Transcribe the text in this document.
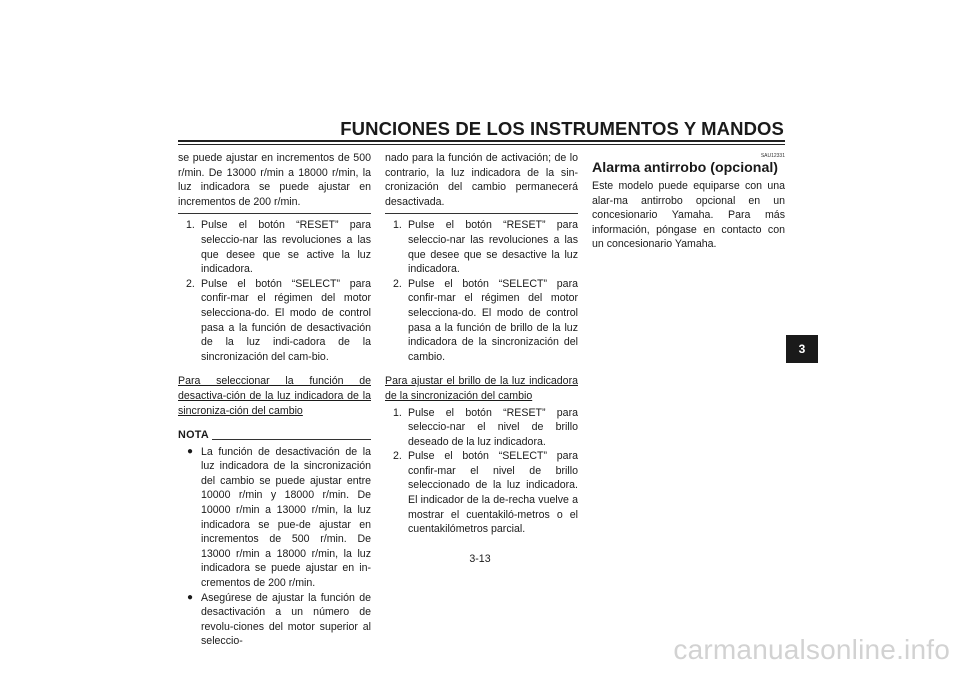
FUNCIONES DE LOS INSTRUMENTOS Y MANDOS

se puede ajustar en incrementos de 500 r/min. De 13000 r/min a 18000 r/min, la luz indicadora se puede ajustar en incrementos de 200 r/min.

1. Pulse el botón “RESET” para seleccio-nar las revoluciones a las que desee que se active la luz indicadora.
2. Pulse el botón “SELECT” para confir-mar el régimen del motor selecciona-do. El modo de control pasa a la función de desactivación de la luz indi-cadora de la sincronización del cam-bio.
Para seleccionar la función de desactiva-ción de la luz indicadora de la sincroniza-ción del cambio
NOTA
● La función de desactivación de la luz indicadora de la sincronización del cambio se puede ajustar entre 10000 r/min y 18000 r/min. De 10000 r/min a 13000 r/min, la luz indicadora se pue-de ajustar en incrementos de 500 r/min. De 13000 r/min a 18000 r/min, la luz indicadora se puede ajustar en in-crementos de 200 r/min.
● Asegúrese de ajustar la función de desactivación a un número de revolu-ciones del motor superior al seleccio-

nado para la función de activación; de lo contrario, la luz indicadora de la sin-cronización del cambio permanecerá desactivada.

1. Pulse el botón “RESET” para seleccio-nar las revoluciones a las que desee que se desactive la luz indicadora.
2. Pulse el botón “SELECT” para confir-mar el régimen del motor selecciona-do. El modo de control pasa a la función de brillo de la luz indicadora de la sincronización del cambio.
Para ajustar el brillo de la luz indicadora de la sincronización del cambio
1. Pulse el botón “RESET” para seleccio-nar el nivel de brillo deseado de la luz indicadora.
2. Pulse el botón “SELECT” para confir-mar el nivel de brillo seleccionado de la luz indicadora. El indicador de la de-recha vuelve a mostrar el cuentakiló-metros o el cuentakilómetros parcial.
SAU12331
Alarma antirrobo (opcional)

Este modelo puede equiparse con una alar-ma antirrobo opcional en un concesionario Yamaha. Para más información, póngase en contacto con un concesionario Yamaha.

3
3-13
carmanualsonline.info
